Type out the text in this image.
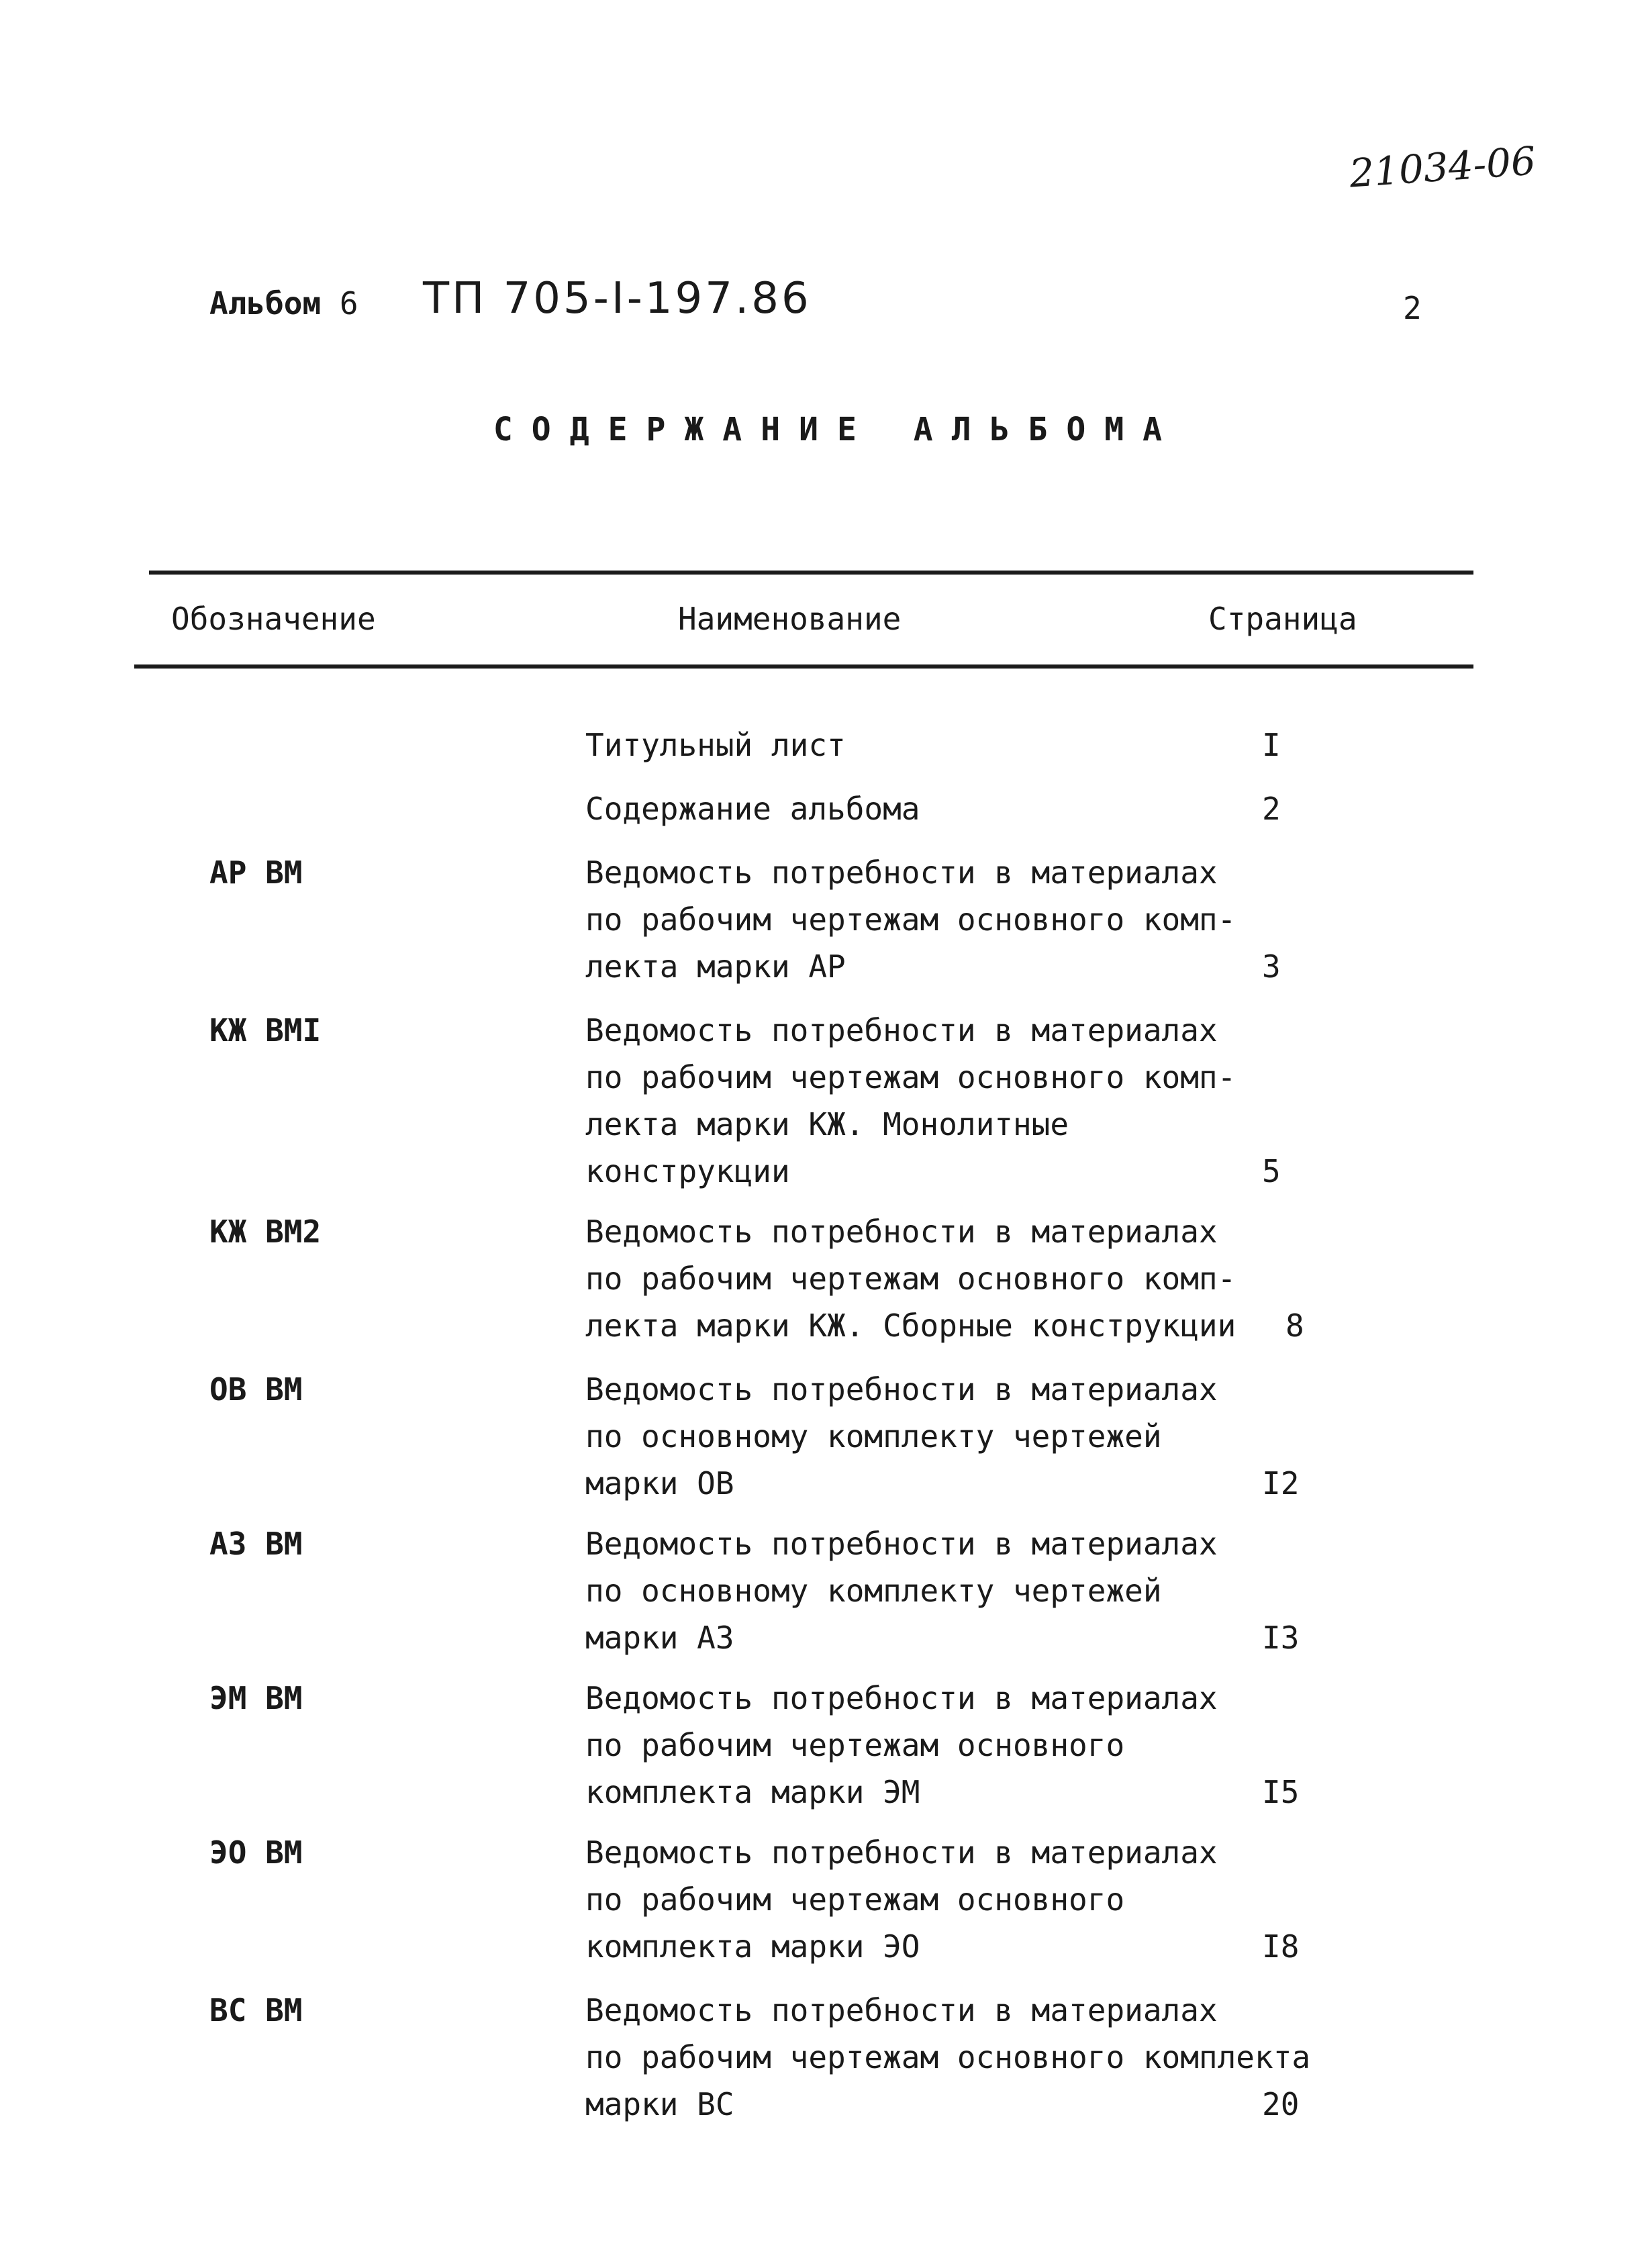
21034-06
Альбом 6 ТП 705-I-197.86	2
СОДЕРЖАНИЕ АЛЬБОМА
Обозначение	Наименование	Страница
Титульный лист	I
Содержание альбома	2
АР ВМ	Ведомость потребности в материалах
по рабочим чертежам основного комп-
лекта марки АР	3
КЖ ВМI	Ведомость потребности в материалах
по рабочим чертежам основного комп-
лекта марки КЖ. Монолитные
конструкции	5
КЖ ВМ2	Ведомость потребности в материалах
по рабочим чертежам основного комп-
лекта марки КЖ. Сборные конструкции 8
ОВ ВМ	Ведомость потребности в материалах
по основному комплекту чертежей
марки ОВ	I2
АЗ ВМ	Ведомость потребности в материалах
по основному комплекту чертежей
марки АЗ	I3
ЭМ ВМ	Ведомость потребности в материалах
по рабочим чертежам основного
комплекта марки ЭМ	I5
ЭО ВМ	Ведомость потребности в материалах
по рабочим чертежам основного
комплекта марки ЭО	I8
ВС ВМ	Ведомость потребности в материалах
по рабочим чертежам основного комплекта
марки ВС	20
